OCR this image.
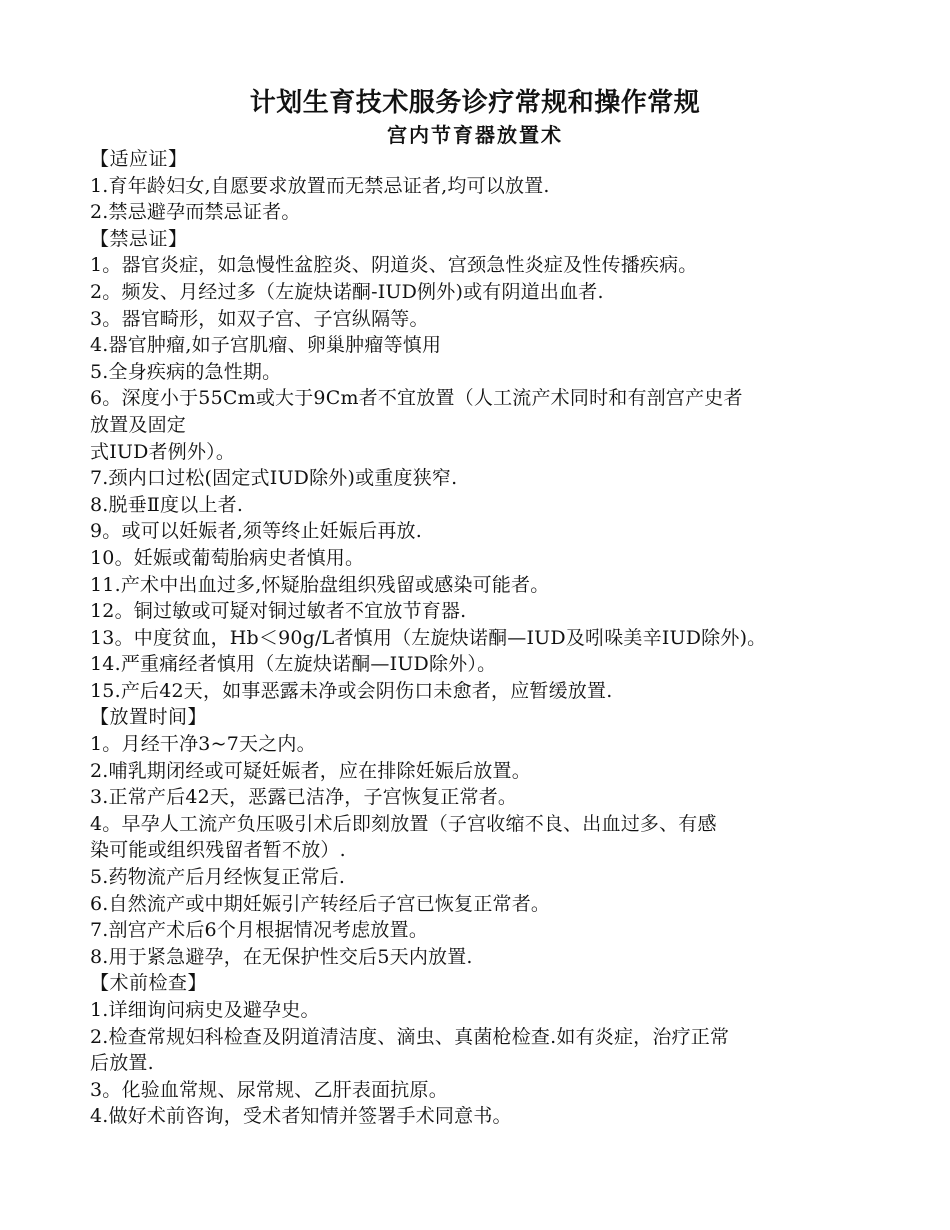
计划生育技术服务诊疗常规和操作常规
宫内节育器放置术
【适应证】
1.育年龄妇女,自愿要求放置而无禁忌证者,均可以放置.
2.禁忌避孕而禁忌证者。
【禁忌证】
1。器官炎症，如急慢性盆腔炎、阴道炎、宫颈急性炎症及性传播疾病。
2。频发、月经过多（左旋炔诺酮-IUD例外)或有阴道出血者.
3。器官畸形，如双子宫、子宫纵隔等。
4.器官肿瘤,如子宫肌瘤、卵巢肿瘤等慎用
5.全身疾病的急性期。
6。深度小于55Cm或大于9Cm者不宜放置（人工流产术同时和有剖宫产史者
放置及固定
式IUD者例外）。
7.颈内口过松(固定式IUD除外)或重度狭窄.
8.脱垂Ⅱ度以上者.
9。或可以妊娠者,须等终止妊娠后再放.
10。妊娠或葡萄胎病史者慎用。
11.产术中出血过多,怀疑胎盘组织残留或感染可能者。
12。铜过敏或可疑对铜过敏者不宜放节育器.
13。中度贫血，Hb＜90g/L者慎用（左旋炔诺酮—IUD及吲哚美辛IUD除外)。
14.严重痛经者慎用（左旋炔诺酮—IUD除外）。
15.产后42天，如事恶露未净或会阴伤口未愈者，应暂缓放置.
【放置时间】
1。月经干净3~7天之内。
2.哺乳期闭经或可疑妊娠者，应在排除妊娠后放置。
3.正常产后42天，恶露已洁净，子宫恢复正常者。
4。早孕人工流产负压吸引术后即刻放置（子宫收缩不良、出血过多、有感
染可能或组织残留者暂不放）.
5.药物流产后月经恢复正常后.
6.自然流产或中期妊娠引产转经后子宫已恢复正常者。
7.剖宫产术后6个月根据情况考虑放置。
8.用于紧急避孕，在无保护性交后5天内放置.
【术前检查】
1.详细询问病史及避孕史。
2.检查常规妇科检查及阴道清洁度、滴虫、真菌枪检查.如有炎症，治疗正常
后放置.
3。化验血常规、尿常规、乙肝表面抗原。
4.做好术前咨询，受术者知情并签署手术同意书。
